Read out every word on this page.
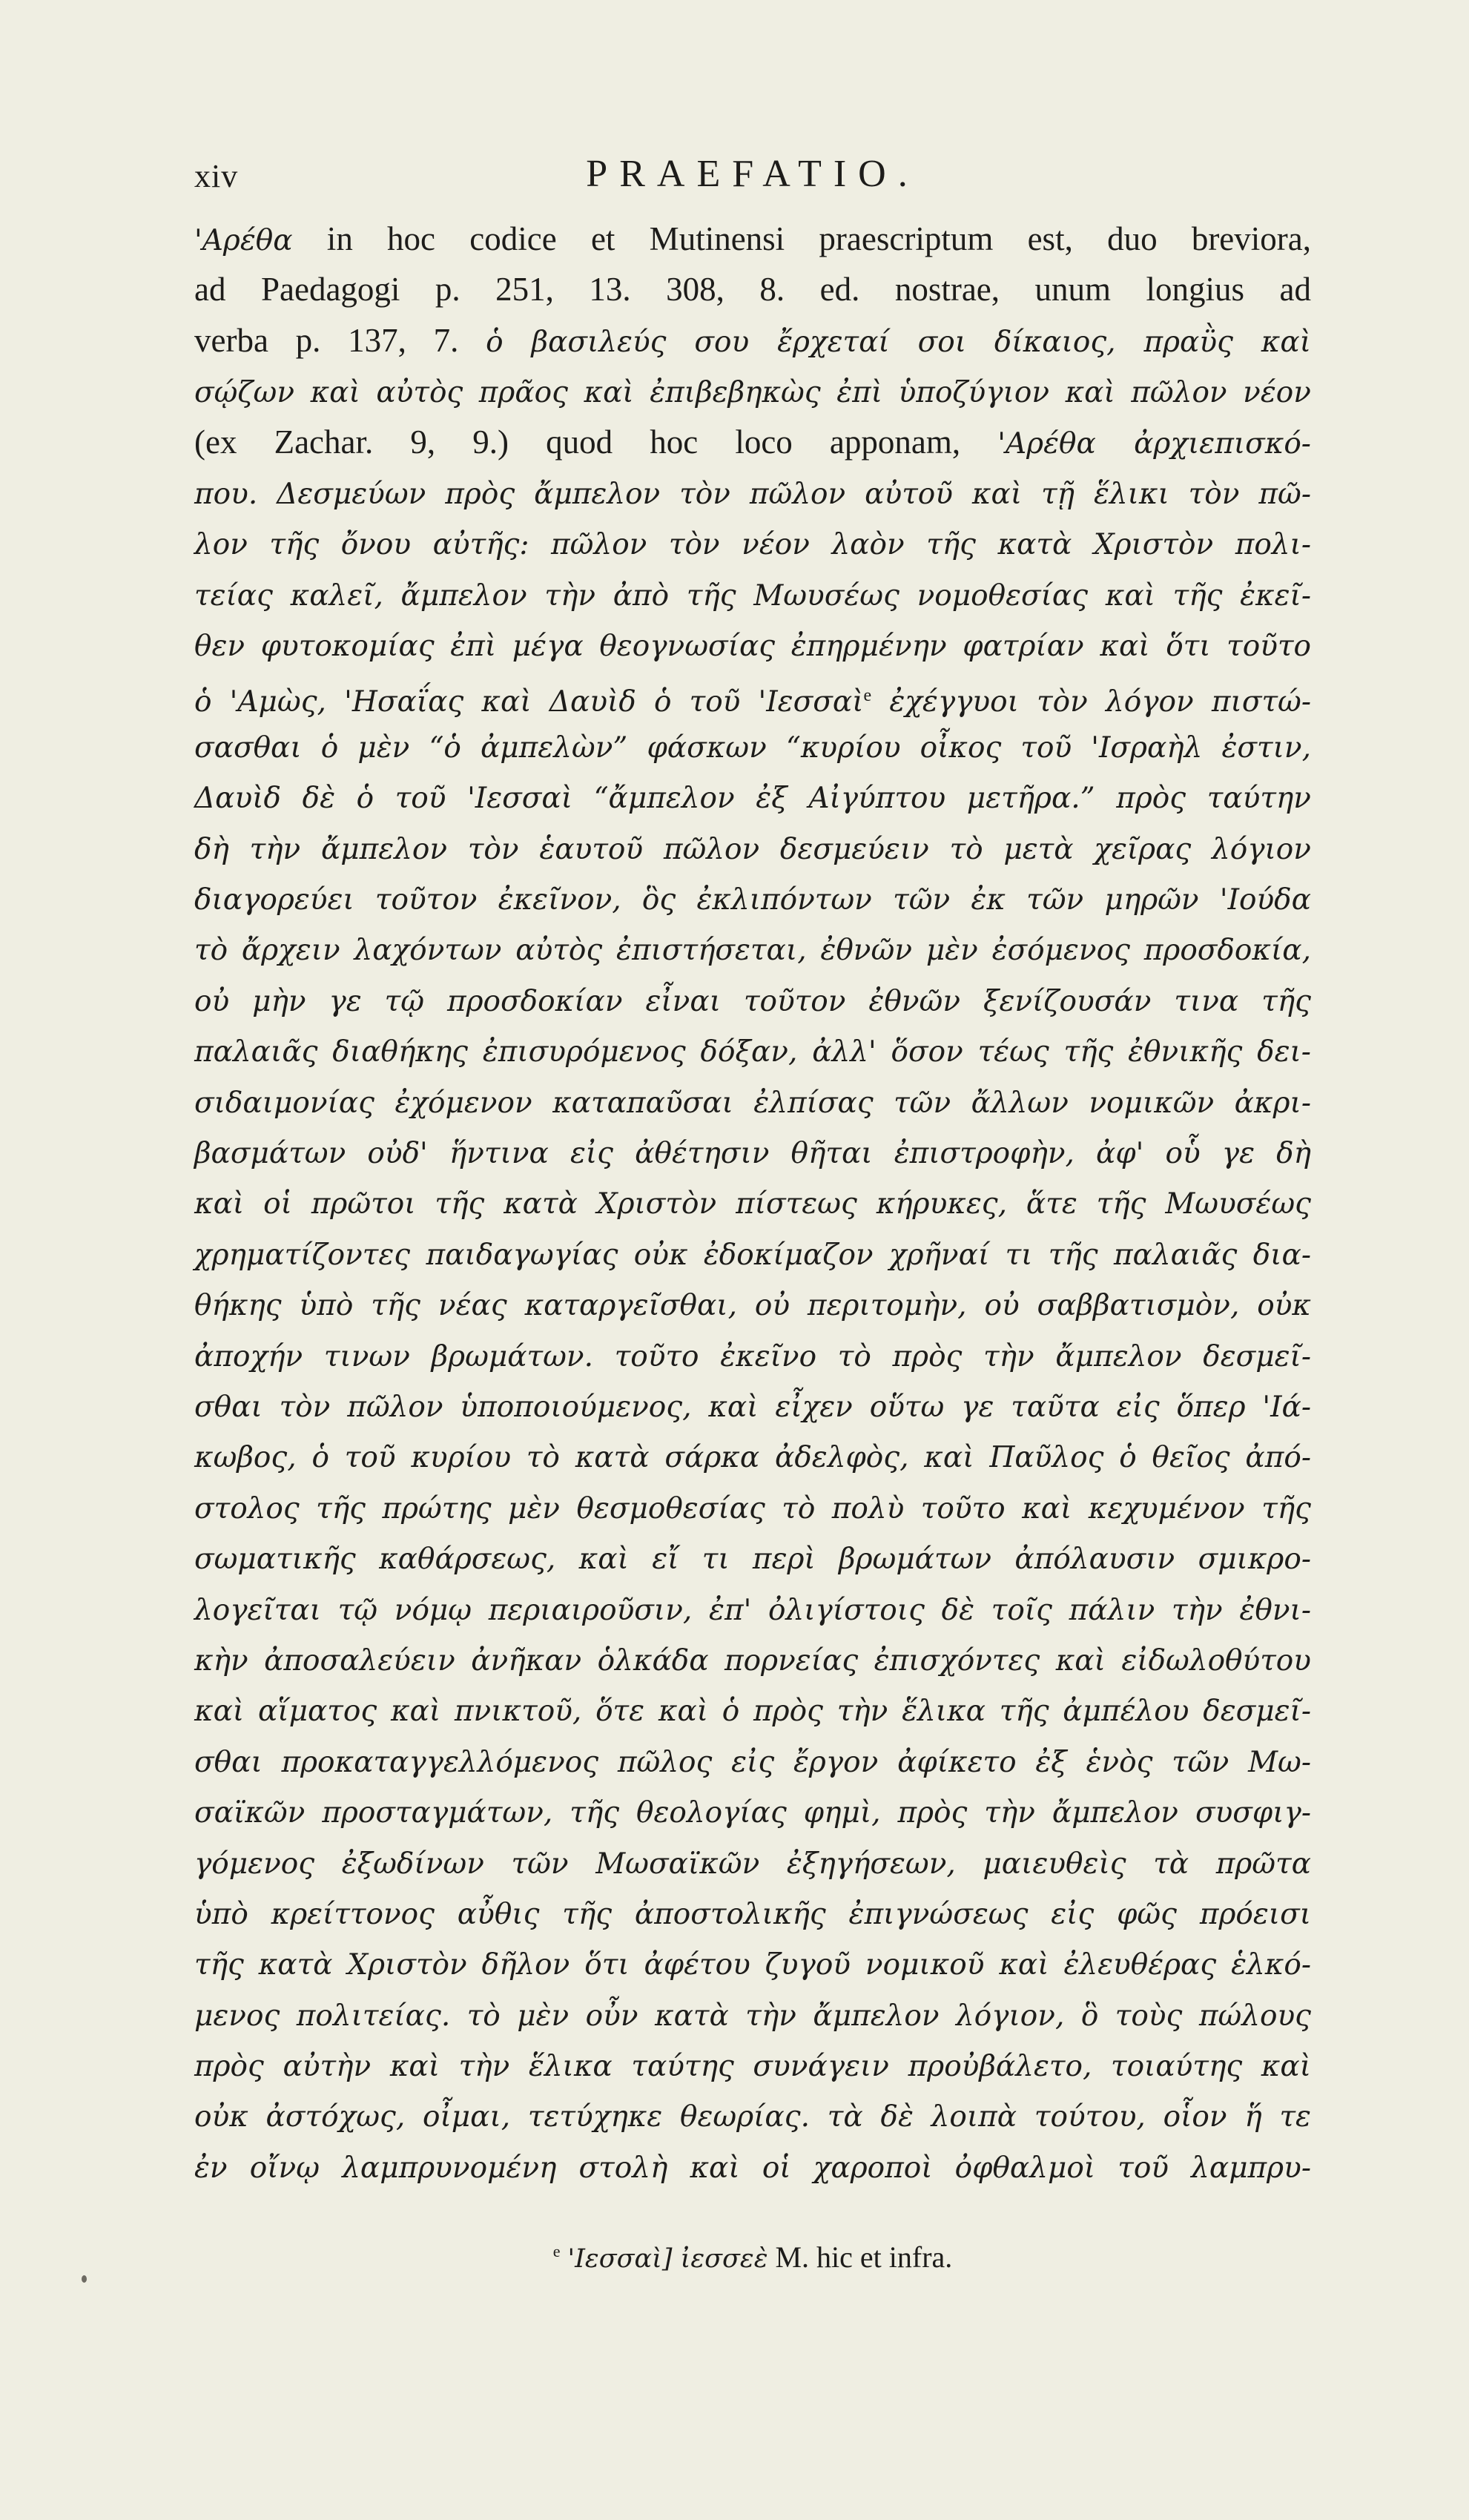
xiv	PRAEFATIO.
'Αρέθα in hoc codice et Mutinensi praescriptum est, duo breviora,
ad Paedagogi p. 251, 13. 308, 8. ed. nostrae, unum longius ad
verba p. 137, 7. ὁ βασιλεύς σου ἔρχεταί σοι δίκαιος, πραῢς καὶ
σῴζων καὶ αὐτὸς πρᾶος καὶ ἐπιβεβηκὼς ἐπὶ ὑποζύγιον καὶ πῶλον νέον
(ex Zachar. 9, 9.) quod hoc loco apponam, 'Αρέθα ἀρχιεπισκό-
που. Δεσμεύων πρὸς ἄμπελον τὸν πῶλον αὐτοῦ καὶ τῇ ἕλικι τὸν πῶ-
λον τῆς ὄνου αὐτῆς: πῶλον τὸν νέον λαὸν τῆς κατὰ Χριστὸν πολι-
τείας καλεῖ, ἄμπελον τὴν ἀπὸ τῆς Μωυσέως νομοθεσίας καὶ τῆς ἐκεῖ-
θεν φυτοκομίας ἐπὶ μέγα θεογνωσίας ἐπηρμένην φατρίαν καὶ ὅτι τοῦτο
ὁ 'Αμὼς, 'Ησαΐας καὶ Δαυὶδ ὁ τοῦ 'Ιεσσαὶ$^e$ ἐχέγγυοι τὸν λόγον πιστώ-
σασθαι ὁ μὲν “ὁ ἀμπελὼν” φάσκων “κυρίου οἶκος τοῦ 'Ισραὴλ ἐστιν,
Δαυὶδ δὲ ὁ τοῦ 'Ιεσσαὶ “ἄμπελον ἐξ Αἰγύπτου μετῆρα.” πρὸς ταύτην
δὴ τὴν ἄμπελον τὸν ἑαυτοῦ πῶλον δεσμεύειν τὸ μετὰ χεῖρας λόγιον
διαγορεύει τοῦτον ἐκεῖνον, ὃς ἐκλιπόντων τῶν ἐκ τῶν μηρῶν 'Ιούδα
τὸ ἄρχειν λαχόντων αὐτὸς ἐπιστήσεται, ἐθνῶν μὲν ἐσόμενος προσδοκία,
οὐ μὴν γε τῷ προσδοκίαν εἶναι τοῦτον ἐθνῶν ξενίζουσάν τινα τῆς
παλαιᾶς διαθήκης ἐπισυρόμενος δόξαν, ἀλλ' ὅσον τέως τῆς ἐθνικῆς δει-
σιδαιμονίας ἐχόμενον καταπαῦσαι ἐλπίσας τῶν ἄλλων νομικῶν ἀκρι-
βασμάτων οὐδ' ἥντινα εἰς ἀθέτησιν θῆται ἐπιστροφὴν, ἀφ' οὗ γε δὴ
καὶ οἱ πρῶτοι τῆς κατὰ Χριστὸν πίστεως κήρυκες, ἅτε τῆς Μωυσέως
χρηματίζοντες παιδαγωγίας οὐκ ἐδοκίμαζον χρῆναί τι τῆς παλαιᾶς δια-
θήκης ὑπὸ τῆς νέας καταργεῖσθαι, οὐ περιτομὴν, οὐ σαββατισμὸν, οὐκ
ἀποχήν τινων βρωμάτων. τοῦτο ἐκεῖνο τὸ πρὸς τὴν ἄμπελον δεσμεῖ-
σθαι τὸν πῶλον ὑποποιούμενος, καὶ εἶχεν οὕτω γε ταῦτα εἰς ὅπερ 'Ιά-
κωβος, ὁ τοῦ κυρίου τὸ κατὰ σάρκα ἀδελφὸς, καὶ Παῦλος ὁ θεῖος ἀπό-
στολος τῆς πρώτης μὲν θεσμοθεσίας τὸ πολὺ τοῦτο καὶ κεχυμένον τῆς
σωματικῆς καθάρσεως, καὶ εἴ τι περὶ βρωμάτων ἀπόλαυσιν σμικρο-
λογεῖται τῷ νόμῳ περιαιροῦσιν, ἐπ' ὀλιγίστοις δὲ τοῖς πάλιν τὴν ἐθνι-
κὴν ἀποσαλεύειν ἀνῆκαν ὁλκάδα πορνείας ἐπισχόντες καὶ εἰδωλοθύτου
καὶ αἵματος καὶ πνικτοῦ, ὅτε καὶ ὁ πρὸς τὴν ἕλικα τῆς ἀμπέλου δεσμεῖ-
σθαι προκαταγγελλόμενος πῶλος εἰς ἔργον ἀφίκετο ἐξ ἑνὸς τῶν Μω-
σαϊκῶν προσταγμάτων, τῆς θεολογίας φημὶ, πρὸς τὴν ἄμπελον συσφιγ-
γόμενος ἐξωδίνων τῶν Μωσαϊκῶν ἐξηγήσεων, μαιευθεὶς τὰ πρῶτα
ὑπὸ κρείττονος αὖθις τῆς ἀποστολικῆς ἐπιγνώσεως εἰς φῶς πρόεισι
τῆς κατὰ Χριστὸν δῆλον ὅτι ἀφέτου ζυγοῦ νομικοῦ καὶ ἐλευθέρας ἑλκό-
μενος πολιτείας. τὸ μὲν οὖν κατὰ τὴν ἄμπελον λόγιον, ὃ τοὺς πώλους
πρὸς αὐτὴν καὶ τὴν ἕλικα ταύτης συνάγειν προὐβάλετο, τοιαύτης καὶ
οὐκ ἀστόχως, οἶμαι, τετύχηκε θεωρίας. τὰ δὲ λοιπὰ τούτου, οἷον ἥ τε
ἐν οἴνῳ λαμπρυνομένη στολὴ καὶ οἱ χαροποὶ ὀφθαλμοὶ τοῦ λαμπρυ-
$^e$ 'Ιεσσαὶ] ἰεσσεὲ M. hic et infra.
